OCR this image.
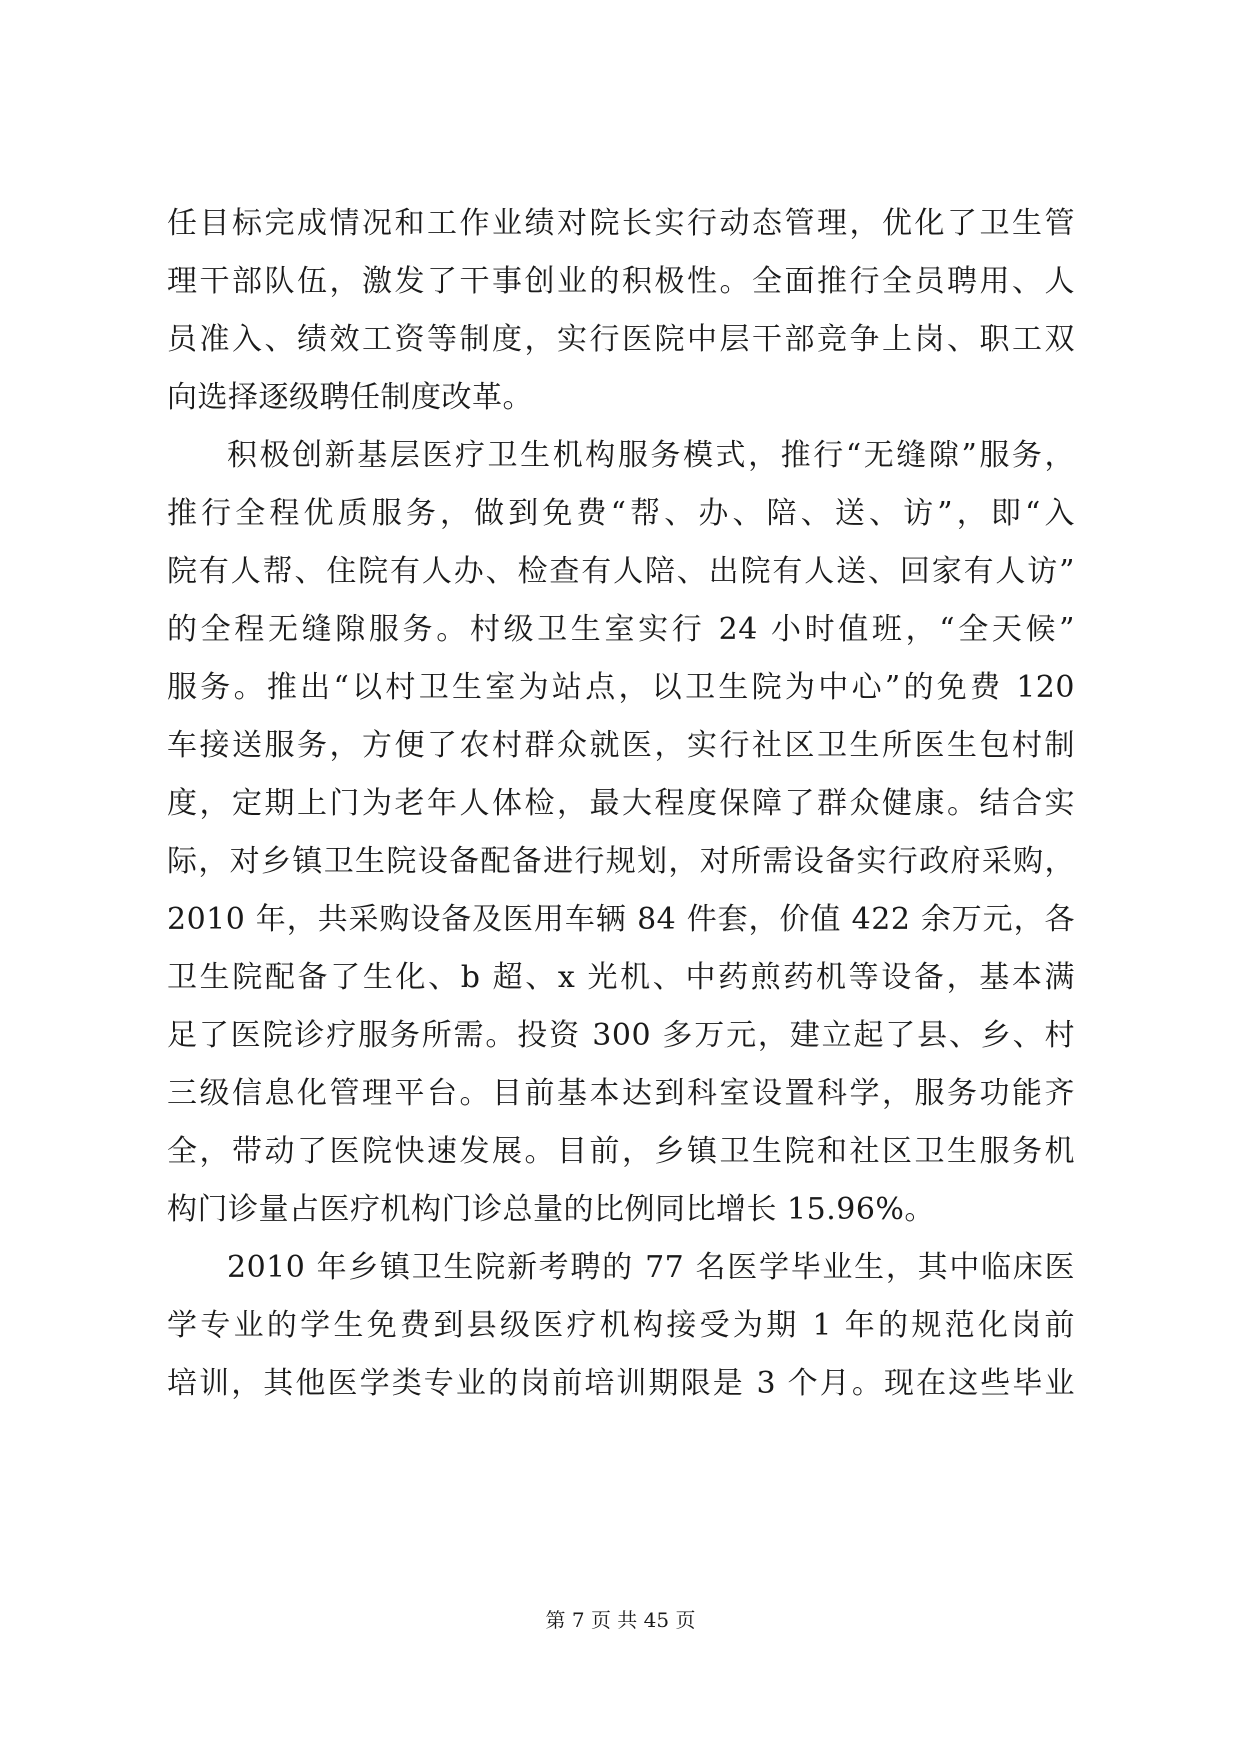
任目标完成情况和工作业绩对院长实行动态管理，优化了卫生管
理干部队伍，激发了干事创业的积极性。全面推行全员聘用、人
员准入、绩效工资等制度，实行医院中层干部竞争上岗、职工双
向选择逐级聘任制度改革。
积极创新基层医疗卫生机构服务模式，推行“无缝隙”服务，
推行全程优质服务，做到免费“帮、办、陪、送、访”，即“入
院有人帮、住院有人办、检查有人陪、出院有人送、回家有人访”
的全程无缝隙服务。村级卫生室实行 24 小时值班，“全天候”
服务。推出“以村卫生室为站点，以卫生院为中心”的免费 120
车接送服务，方便了农村群众就医，实行社区卫生所医生包村制
度，定期上门为老年人体检，最大程度保障了群众健康。结合实
际，对乡镇卫生院设备配备进行规划，对所需设备实行政府采购，
2010 年，共采购设备及医用车辆 84 件套，价值 422 余万元，各
卫生院配备了生化、b 超、x 光机、中药煎药机等设备，基本满
足了医院诊疗服务所需。投资 300 多万元，建立起了县、乡、村
三级信息化管理平台。目前基本达到科室设置科学，服务功能齐
全，带动了医院快速发展。目前，乡镇卫生院和社区卫生服务机
构门诊量占医疗机构门诊总量的比例同比增长 15.96%。
2010 年乡镇卫生院新考聘的 77 名医学毕业生，其中临床医
学专业的学生免费到县级医疗机构接受为期 1 年的规范化岗前
培训，其他医学类专业的岗前培训期限是 3 个月。现在这些毕业
第 7 页 共 45 页
